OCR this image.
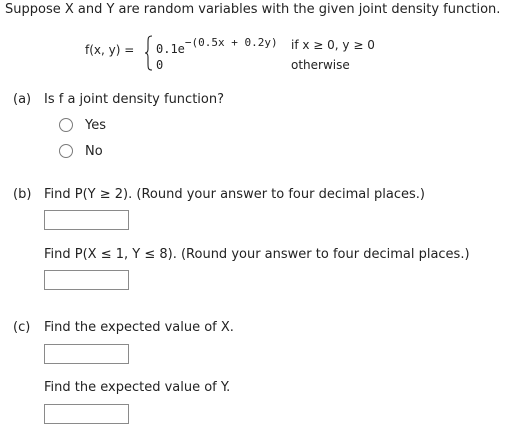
Suppose X and Y are random variables with the given joint density function.
f(x, $y) = 0.1e^{-(0.5x + 0.2y)}$ if x ≥ 0, y ≥ 0
0	otherwise
(a) Is f a joint density function?
Yes
No
(b) Find P(Y ≥ 2). (Round your answer to four decimal places.)
Find P(X ≤ 1, Y ≤ 8). (Round your answer to four decimal places.)
(c) Find the expected value of X.
Find the expected value of Y.
